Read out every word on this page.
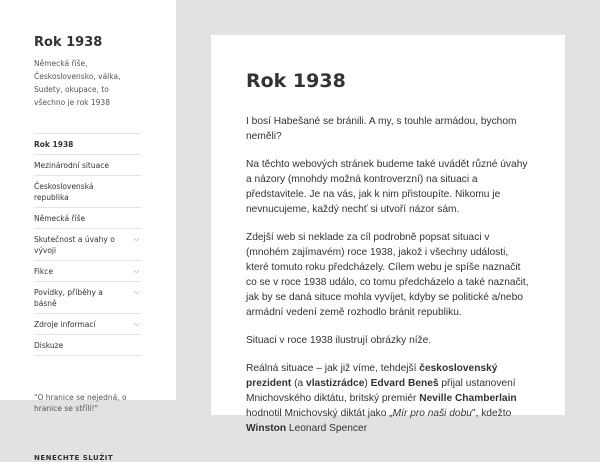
Rok 1938
Německá říše, Československo, válka, Sudety, okupace, to všechno je rok 1938
Rok 1938
Mezinárodní situace
Československá republika
Německá říše
Skutečnost a úvahy o vývoji
⌵
Fikce	⌵
Povídky, příběhy a básně
⌵
Zdroje informací	⌵
Diskuze
"O hranice se nejedná, o hranice se střílí!"
NENECHTE SLUŽIT
Rok 1938

I bosí Habešané se bránili. A my, s touhle armádou, bychom neměli?

Na těchto webových stránek budeme také uvádět různé úvahy a názory (mnohdy možná kontroverzní) na situaci a představitele. Je na vás, jak k nim přistoupíte. Nikomu je nevnucujeme, každý nechť si utvoří názor sám.

Zdejší web si neklade za cíl podrobně popsat situaci v (mnohém zajímavém) roce 1938, jakož i všechny události, které tomuto roku předcházely. Cílem webu je spíše naznačit co se v roce 1938 událo, co tomu předcházelo a také naznačit, jak by se daná situce mohla vyvíjet, kdyby se politické a/nebo armádní vedení země rozhodlo bránit republiku.

Situaci v roce 1938 ilustrují obrázky níže.

Reálná situace – jak již víme, tehdejší československý prezident (a vlastizrádce) Edvard Beneš přijal ustanovení Mnichovského diktátu, britský premiér Neville Chamberlain hodnotil Mnichovský diktát jako „Mír pro naši dobu", kdežto Winston Leonard Spencer
